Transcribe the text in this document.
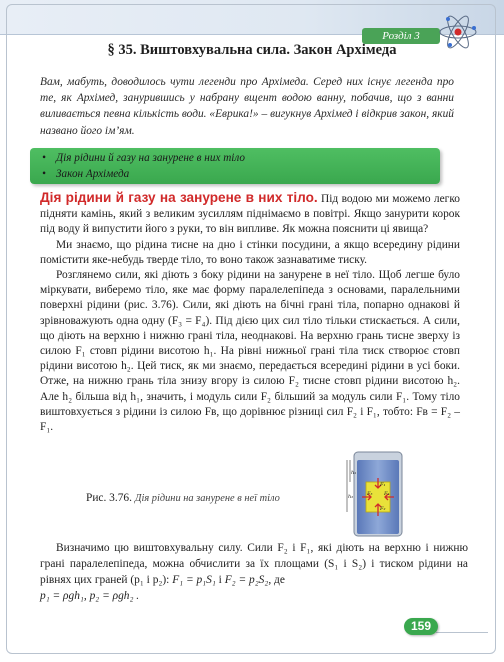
Розділ 3
§ 35. Виштовхувальна сила. Закон Архімеда
Вам, мабуть, доводилось чути легенди про Архімеда. Серед них існує легенда про те, як Архімед, занурившись у набрану вщент водою ванну, побачив, що з ванни виливається певна кількість води. «Еврика!» – вигукнув Архімед і відкрив закон, який названо його ім’ям.
• Дія рідини й газу на занурене в них тіло
• Закон Архімеда

Дія рідини й газу на занурене в них тіло. Під водою ми можемо легко підняти камінь, який з великим зусиллям піднімаємо в повітрі. Якщо занурити корок під воду й випустити його з руки, то він випливе. Як можна пояснити ці явища?

Ми знаємо, що рідина тисне на дно і стінки посудини, а якщо всередину рідини помістити яке-небудь тверде тіло, то воно також зазнаватиме тиску.

Розглянемо сили, які діють з боку рідини на занурене в неї тіло. Щоб легше було міркувати, виберемо тіло, яке має форму паралелепіпеда з основами, паралельними поверхні рідини (рис. 3.76). Сили, які діють на бічні грані тіла, попарно однакові й зрівноважують одна одну (F₃ = F₄). Під дією цих сил тіло тільки стискається. А сили, що діють на верхню і нижню грані тіла, неоднакові. На верхню грань тисне зверху із силою F₁ стовп рідини висотою h₁. На рівні нижньої грані тіла тиск створює стовп рідини висотою h₂. Цей тиск, як ми знаємо, передається всередині рідини в усі боки. Отже, на нижню грань тіла знизу вгору із силою F₂ тисне стовп рідини висотою h₂. Але h₂ більша від h₁, значить, і модуль сили F₂ більший за модуль сили F₁. Тому тіло виштовхується з рідини із силою Fв, що дорівнює різниці сил F₂ і F₁, тобто: Fв = F₂ – F₁.

Рис. 3.76. Дія рідини на занурене в неї тіло
h₁
h₂
F₁
F₂
F₃ F₄

Визначимо цю виштовхувальну силу. Сили F₂ і F₁, які діють на верхню і нижню грані паралелепіпеда, можна обчислити за їх площами (S₁ і S₂) і тиском рідини на рівнях цих граней (p₁ і p₂): F₁ = p₁S₁ і F₂ = p₂S₂, де

p₁ = ρgh₁, p₂ = ρgh₂ .

159
